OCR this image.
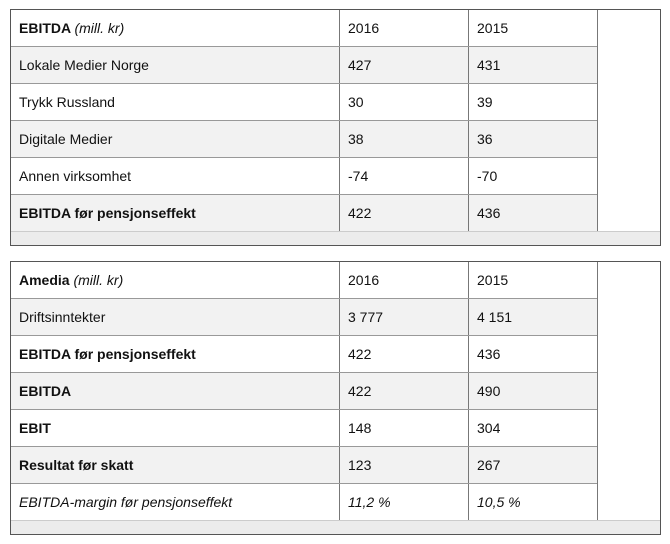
EBITDA (mill. kr)	2016	2015
Lokale Medier Norge	427	431
Trykk Russland	30	39
Digitale Medier	38	36
Annen virksomhet	-74	-70
EBITDA før pensjonseffekt	422	436
Amedia (mill. kr)	2016	2015
Driftsinntekter	3 777	4 151
EBITDA før pensjonseffekt	422	436
EBITDA	422	490
EBIT	148	304
Resultat før skatt	123	267
EBITDA-margin før pensjonseffekt	11,2 %	10,5 %
